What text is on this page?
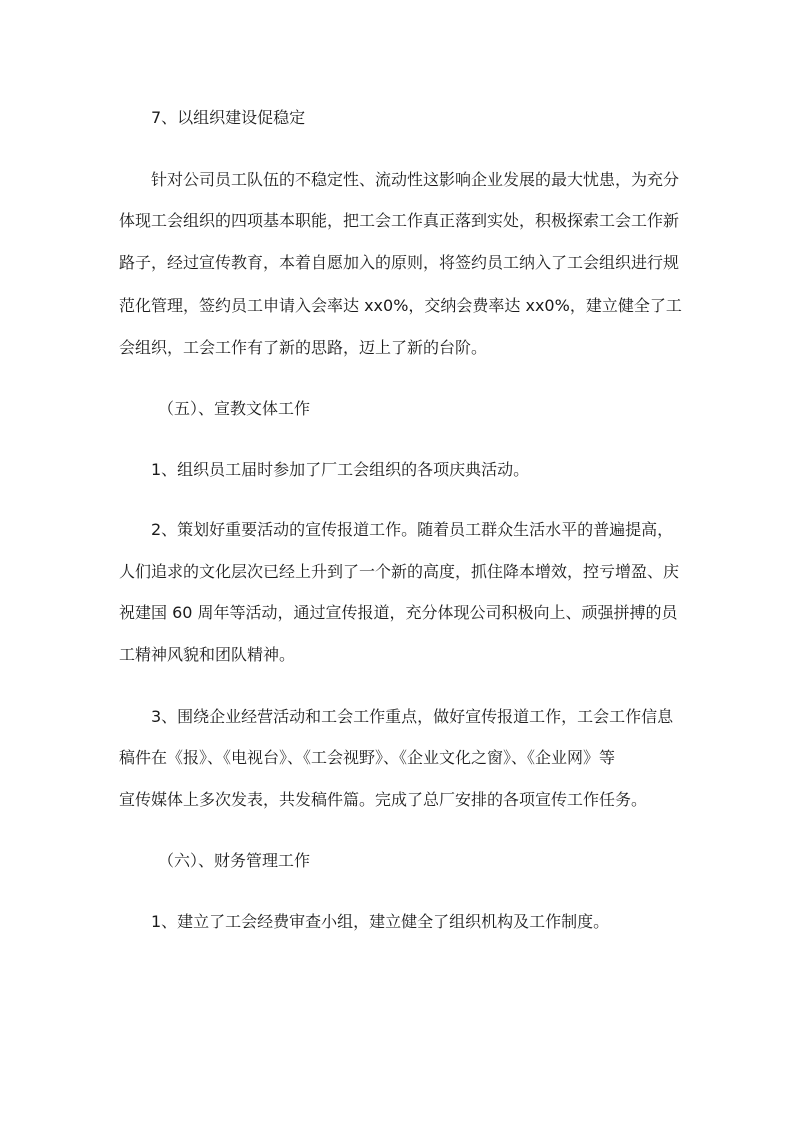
7、以组织建设促稳定
针对公司员工队伍的不稳定性、流动性这影响企业发展的最大忧患，为充分
体现工会组织的四项基本职能，把工会工作真正落到实处，积极探索工会工作新
路子，经过宣传教育，本着自愿加入的原则，将签约员工纳入了工会组织进行规
范化管理，签约员工申请入会率达 xx0%，交纳会费率达 xx0%，建立健全了工
会组织，工会工作有了新的思路，迈上了新的台阶。
（五）、宣教文体工作
1、组织员工届时参加了厂工会组织的各项庆典活动。
2、策划好重要活动的宣传报道工作。随着员工群众生活水平的普遍提高，
人们追求的文化层次已经上升到了一个新的高度，抓住降本增效，控亏增盈、庆
祝建国 60 周年等活动，通过宣传报道，充分体现公司积极向上、顽强拼搏的员
工精神风貌和团队精神。
3、围绕企业经营活动和工会工作重点，做好宣传报道工作，工会工作信息
稿件在《报》、《电视台》、《工会视野》、《企业文化之窗》、《企业网》等
宣传媒体上多次发表，共发稿件篇。完成了总厂安排的各项宣传工作任务。
（六）、财务管理工作
1、建立了工会经费审查小组，建立健全了组织机构及工作制度。
